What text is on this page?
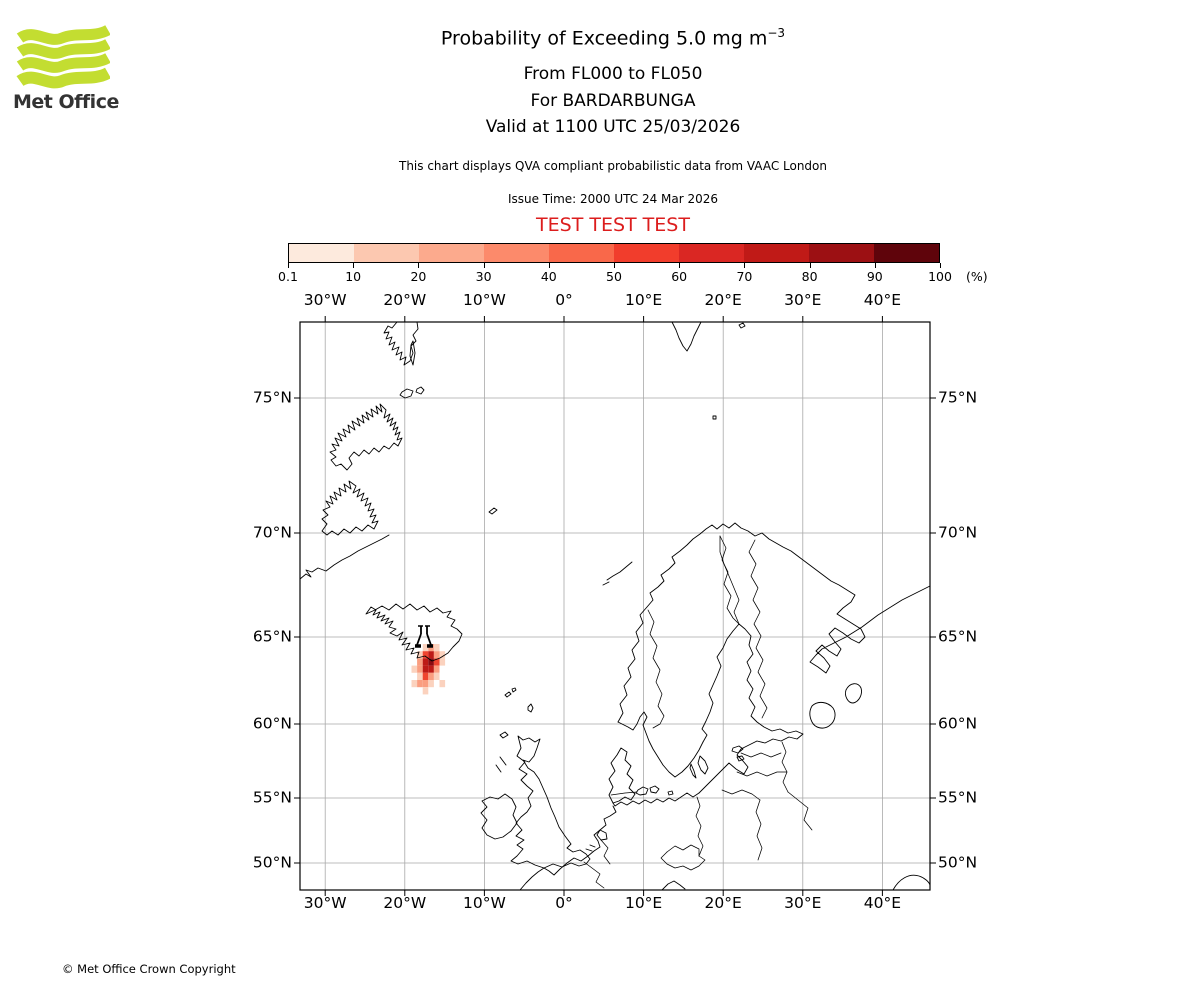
Met Office
Probability of Exceeding 5.0 mg $m^{-3}$
From FL000 to FL050
For BARDARBUNGA
Valid at 1100 UTC 25/03/2026
This chart displays QVA compliant probabilistic data from VAAC London
Issue Time: 2000 UTC 24 Mar 2026
TEST TEST TEST
(%)
© Met Office Crown Copyright
0.1	10	20	30	40	50	60	70	80	90	100
30°W
30°W
20°W
20°W
10°W
10°W
0°
0°
10°E
10°E
20°E
20°E
30°E
30°E
40°E
40°E
75°N	75°N
70°N	70°N
65°N	65°N
60°N	60°N
55°N	55°N
50°N	50°N
